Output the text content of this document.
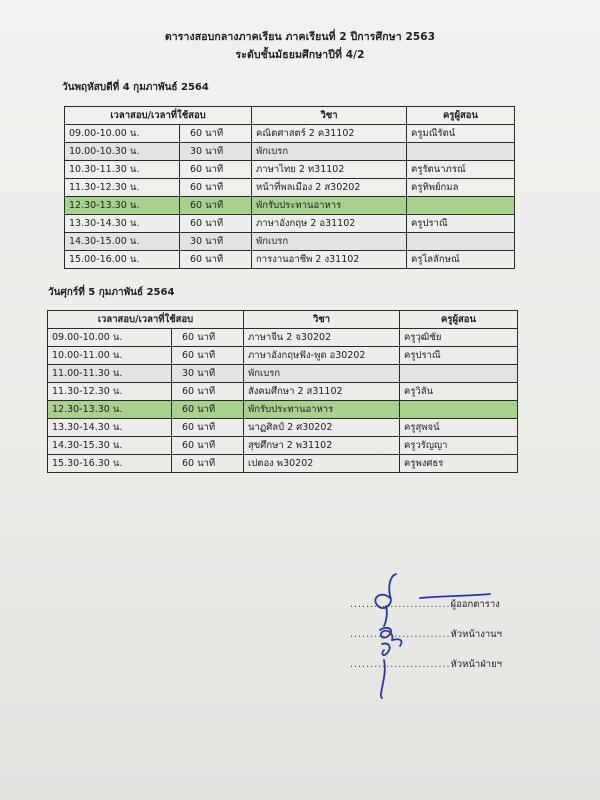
ตารางสอบกลางภาคเรียน ภาคเรียนที่ 2 ปีการศึกษา 2563
ระดับชั้นมัธยมศึกษาปีที่ 4/2
วันพฤหัสบดีที่ 4 กุมภาพันธ์ 2564
เวลาสอบ/เวลาที่ใช้สอบ		วิชา	ครูผู้สอน
09.00-10.00 น.	60 นาที	คณิตศาสตร์ 2 ค31102	ครูมณีรัตน์
10.00-10.30 น.	30 นาที	พักเบรก	
10.30-11.30 น.	60 นาที	ภาษาไทย 2 ท31102	ครูรัตนาภรณ์
11.30-12.30 น.	60 นาที	หน้าที่พลเมือง 2 ส30202	ครูทิพย์กมล
12.30-13.30 น.	60 นาที	พักรับประทานอาหาร	
13.30-14.30 น.	60 นาที	ภาษาอังกฤษ 2 อ31102	ครูปราณี
14.30-15.00 น.	30 นาที	พักเบรก	
15.00-16.00 น.	60 นาที	การงานอาชีพ 2 ง31102	ครูไลลักษณ์
วันศุกร์ที่ 5 กุมภาพันธ์ 2564
เวลาสอบ/เวลาที่ใช้สอบ		วิชา	ครูผู้สอน
09.00-10.00 น.	60 นาที	ภาษาจีน 2 จ30202	ครูวุฒิชัย
10.00-11.00 น.	60 นาที	ภาษาอังกฤษฟัง-พูด อ30202	ครูปราณี
11.00-11.30 น.	30 นาที	พักเบรก	
11.30-12.30 น.	60 นาที	สังคมศึกษา 2 ส31102	ครูวิลัน
12.30-13.30 น.	60 นาที	พักรับประทานอาหาร	
13.30-14.30 น.	60 นาที	นาฏศิลป์ 2 ศ30202	ครูสุพจน์
14.30-15.30 น.	60 นาที	สุขศึกษา 2 พ31102	ครูวรัญญา
15.30-16.30 น.	60 นาที	เปตอง พ30202	ครูพงศธร
.........................ผู้ออกตาราง
.........................หัวหน้างานฯ
.........................หัวหน้าฝ่ายฯ
